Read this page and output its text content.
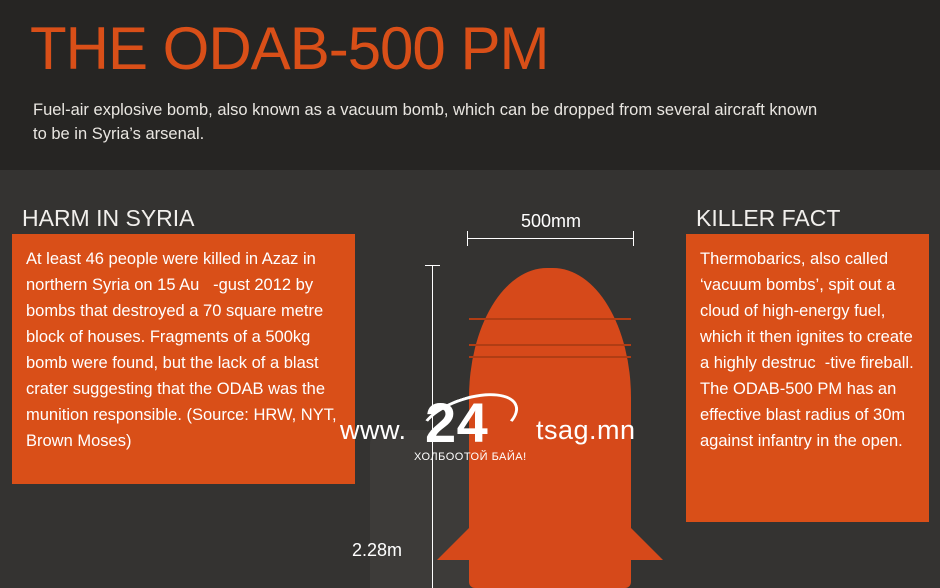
THE ODAB-500 PM
Fuel-air explosive bomb, also known as a vacuum bomb, which can be dropped from several aircraft known to be in Syria’s arsenal.
HARM IN SYRIA

At least 46 people were killed in Azaz in northern Syria on 15 Au   -gust 2012 by bombs that destroyed a 70 square metre block of houses. Fragments of a 500kg bomb were found, but the lack of a blast crater suggesting that the ODAB was the munition responsible. (Source: HRW, NYT, Brown Moses)

KILLER FACT

Thermobarics, also called ‘vacuum bombs’, spit out a cloud of high-energy fuel, which it then ignites to create a highly destruc  -tive fireball. The ODAB-500 PM has an effective blast radius of 30m against infantry in the open.

500mm
2.28m
www. 24 tsag.mn
ХОЛБООТОЙ БАЙА!
